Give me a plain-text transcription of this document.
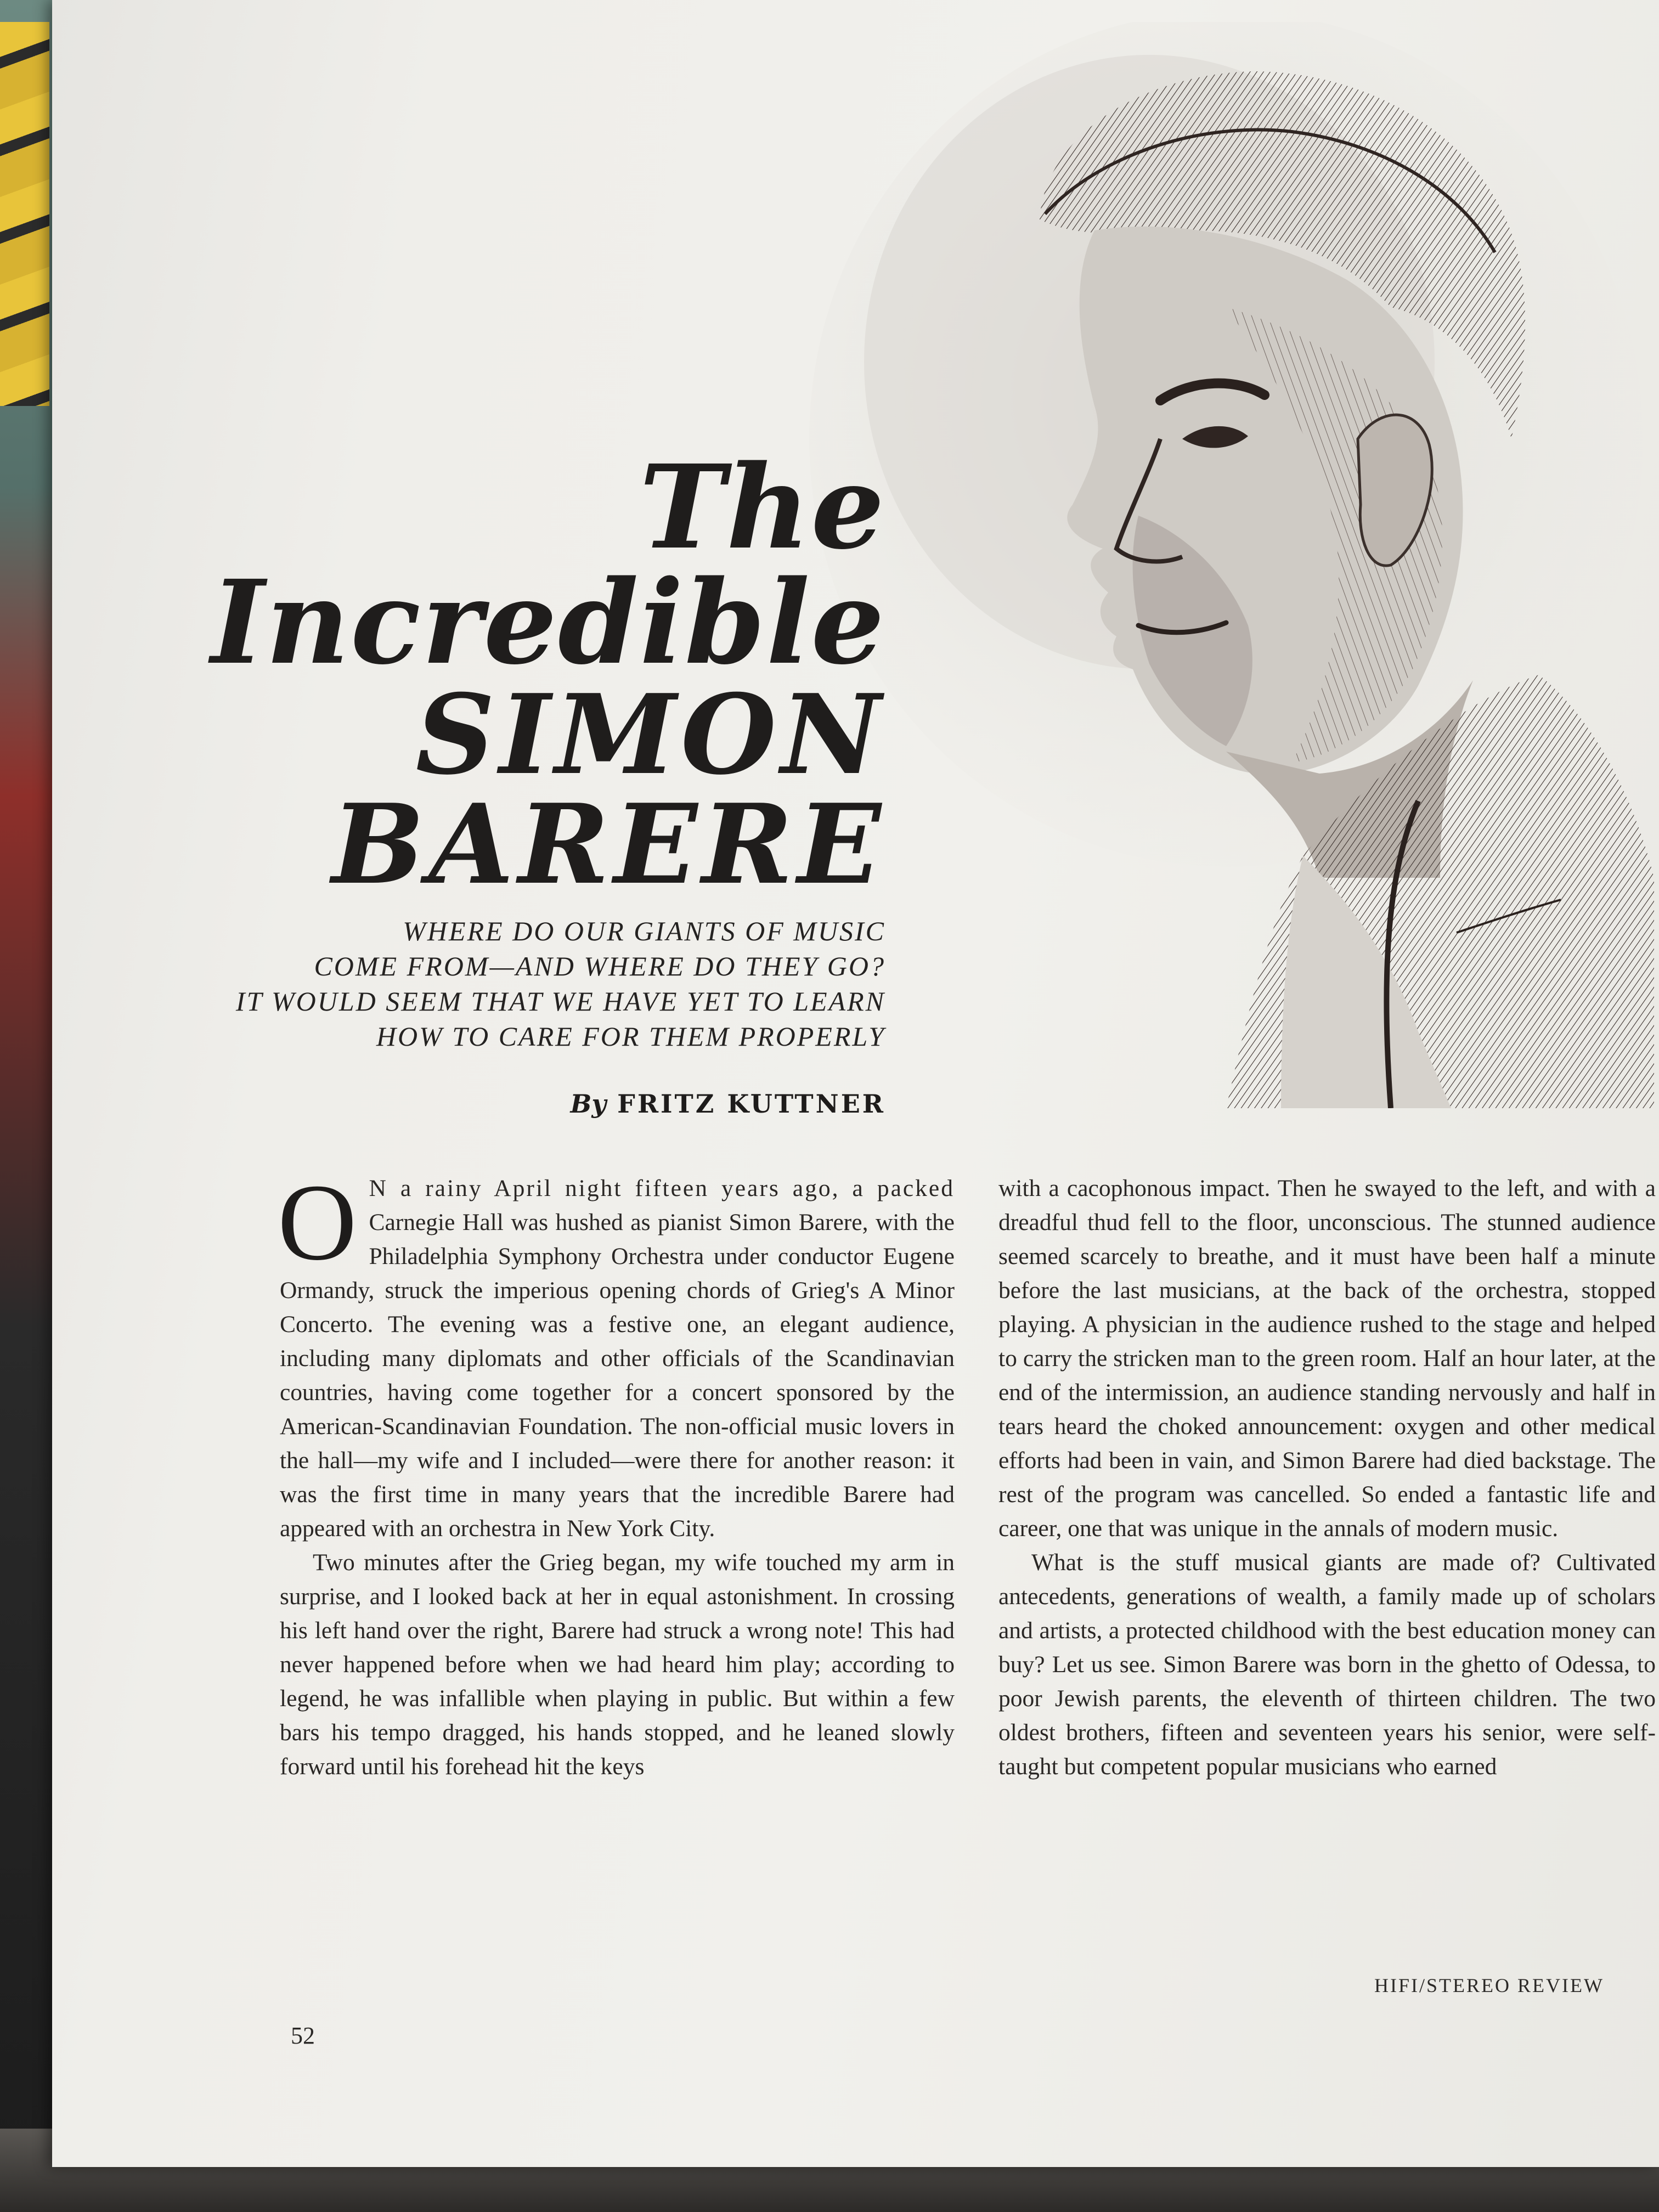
The

Incredible

SIMON

BARERE

WHERE DO OUR GIANTS OF MUSIC
COME FROM—AND WHERE DO THEY GO?
IT WOULD SEEM THAT WE HAVE YET TO LEARN
HOW TO CARE FOR THEM PROPERLY
By FRITZ KUTTNER

O N a rainy April night fifteen years ago, a packed Carnegie Hall was hushed as pianist Simon Barere, with the Philadelphia Symphony Orchestra under conductor Eugene Ormandy, struck the imperious opening chords of Grieg's A Minor Concerto. The evening was a festive one, an elegant audience, including many diplomats and other officials of the Scandinavian countries, having come together for a concert sponsored by the American-Scandinavian Foundation. The non-official music lovers in the hall—my wife and I included—were there for another reason: it was the first time in many years that the incredible Barere had appeared with an orchestra in New York City.

Two minutes after the Grieg began, my wife touched my arm in surprise, and I looked back at her in equal astonishment. In crossing his left hand over the right, Barere had struck a wrong note! This had never happened before when we had heard him play; according to legend, he was infallible when playing in public. But within a few bars his tempo dragged, his hands stopped, and he leaned slowly forward until his forehead hit the keys

with a cacophonous impact. Then he swayed to the left, and with a dreadful thud fell to the floor, unconscious. The stunned audience seemed scarcely to breathe, and it must have been half a minute before the last musicians, at the back of the orchestra, stopped playing. A physician in the audience rushed to the stage and helped to carry the stricken man to the green room. Half an hour later, at the end of the intermission, an audience standing nervously and half in tears heard the choked announcement: oxygen and other medical efforts had been in vain, and Simon Barere had died backstage. The rest of the program was cancelled. So ended a fantastic life and career, one that was unique in the annals of modern music.

What is the stuff musical giants are made of? Cultivated antecedents, generations of wealth, a family made up of scholars and artists, a protected childhood with the best education money can buy? Let us see. Simon Barere was born in the ghetto of Odessa, to poor Jewish parents, the eleventh of thirteen children. The two oldest brothers, fifteen and seventeen years his senior, were self-taught but competent popular musicians who earned

HIFI/STEREO REVIEW
52
